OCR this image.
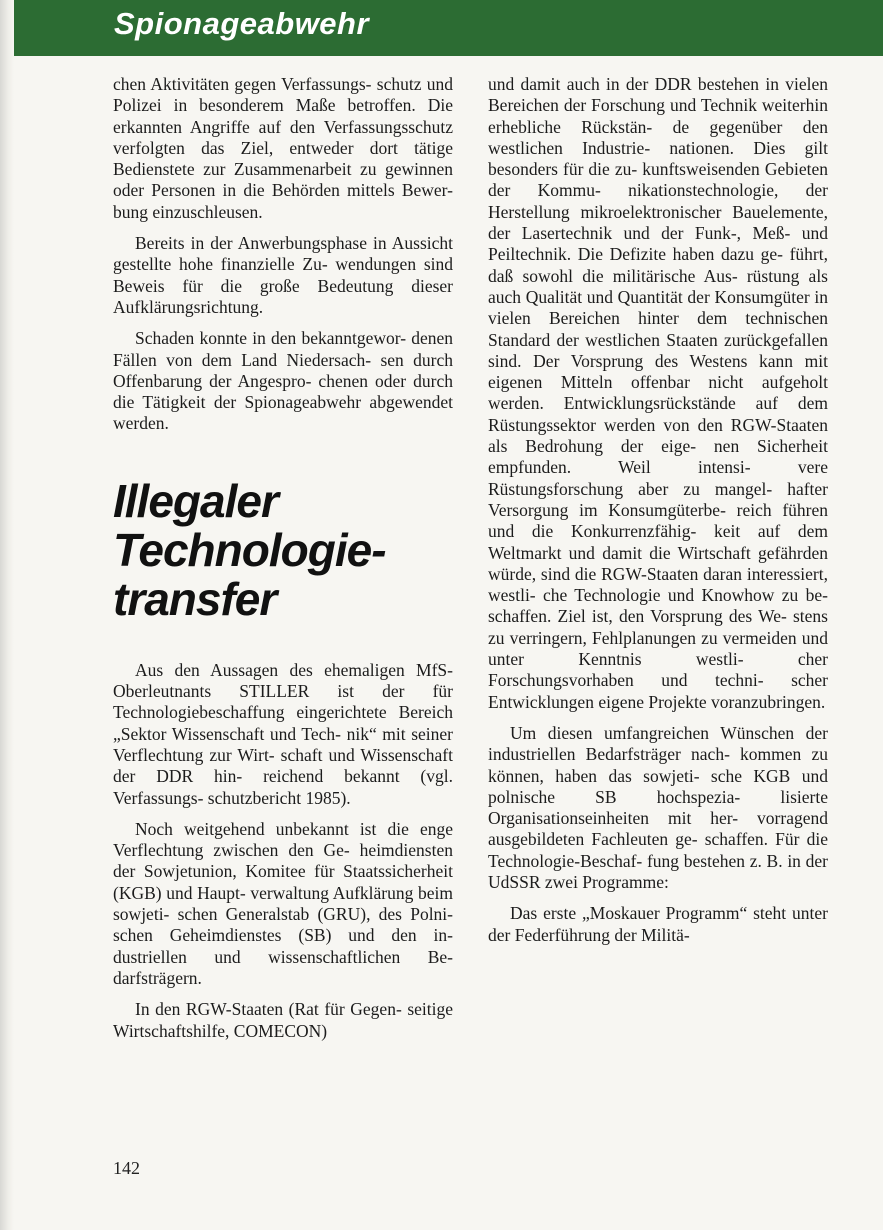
Spionageabwehr

chen Aktivitäten gegen Verfassungs- schutz und Polizei in besonderem Maße betroffen. Die erkannten Angriffe auf den Verfassungsschutz verfolgten das Ziel, entweder dort tätige Bedienstete zur Zusammenarbeit zu gewinnen oder Personen in die Behörden mittels Bewer- bung einzuschleusen.

Bereits in der Anwerbungsphase in Aussicht gestellte hohe finanzielle Zu- wendungen sind Beweis für die große Bedeutung dieser Aufklärungsrichtung.

Schaden konnte in den bekanntgewor- denen Fällen von dem Land Niedersach- sen durch Offenbarung der Angespro- chenen oder durch die Tätigkeit der Spionageabwehr abgewendet werden.

Illegaler
Technologie-
transfer

Aus den Aussagen des ehemaligen MfS-Oberleutnants STILLER ist der für Technologiebeschaffung eingerichtete Bereich „Sektor Wissenschaft und Tech- nik“ mit seiner Verflechtung zur Wirt- schaft und Wissenschaft der DDR hin- reichend bekannt (vgl. Verfassungs- schutzbericht 1985).

Noch weitgehend unbekannt ist die enge Verflechtung zwischen den Ge- heimdiensten der Sowjetunion, Komitee für Staatssicherheit (KGB) und Haupt- verwaltung Aufklärung beim sowjeti- schen Generalstab (GRU), des Polni- schen Geheimdienstes (SB) und den in- dustriellen und wissenschaftlichen Be- darfsträgern.

In den RGW-Staaten (Rat für Gegen- seitige Wirtschaftshilfe, COMECON)

und damit auch in der DDR bestehen in vielen Bereichen der Forschung und Technik weiterhin erhebliche Rückstän- de gegenüber den westlichen Industrie- nationen. Dies gilt besonders für die zu- kunftsweisenden Gebieten der Kommu- nikationstechnologie, der Herstellung mikroelektronischer Bauelemente, der Lasertechnik und der Funk-, Meß- und Peiltechnik. Die Defizite haben dazu ge- führt, daß sowohl die militärische Aus- rüstung als auch Qualität und Quantität der Konsumgüter in vielen Bereichen hinter dem technischen Standard der westlichen Staaten zurückgefallen sind. Der Vorsprung des Westens kann mit eigenen Mitteln offenbar nicht aufgeholt werden. Entwicklungsrückstände auf dem Rüstungssektor werden von den RGW-Staaten als Bedrohung der eige- nen Sicherheit empfunden. Weil intensi- vere Rüstungsforschung aber zu mangel- hafter Versorgung im Konsumgüterbe- reich führen und die Konkurrenzfähig- keit auf dem Weltmarkt und damit die Wirtschaft gefährden würde, sind die RGW-Staaten daran interessiert, westli- che Technologie und Knowhow zu be- schaffen. Ziel ist, den Vorsprung des We- stens zu verringern, Fehlplanungen zu vermeiden und unter Kenntnis westli- cher Forschungsvorhaben und techni- scher Entwicklungen eigene Projekte voranzubringen.

Um diesen umfangreichen Wünschen der industriellen Bedarfsträger nach- kommen zu können, haben das sowjeti- sche KGB und polnische SB hochspezia- lisierte Organisationseinheiten mit her- vorragend ausgebildeten Fachleuten ge- schaffen. Für die Technologie-Beschaf- fung bestehen z. B. in der UdSSR zwei Programme:

Das erste „Moskauer Programm“ steht unter der Federführung der Militä-

142
